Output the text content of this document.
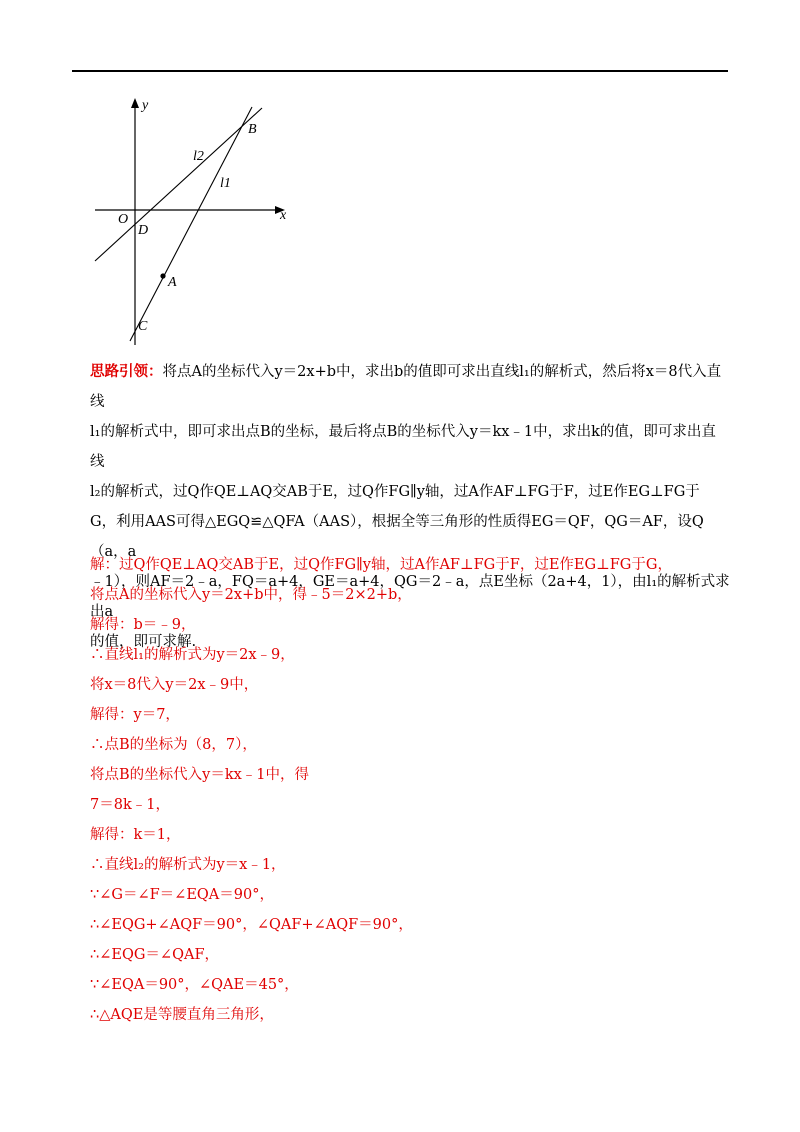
y
x
O
D
A
B
C
l2
l1
思路引领：将点A的坐标代入y＝2x+b中，求出b的值即可求出直线l₁的解析式，然后将x＝8代入直线
l₁的解析式中，即可求出点B的坐标，最后将点B的坐标代入y＝kx﹣1中，求出k的值，即可求出直线
l₂的解析式，过Q作QE⊥AQ交AB于E，过Q作FG∥y轴，过A作AF⊥FG于F，过E作EG⊥FG于
G，利用AAS可得△EGQ≌△QFA（AAS），根据全等三角形的性质得EG＝QF，QG＝AF，设Q（a，a
﹣1），则AF＝2﹣a，FQ＝a+4，GE＝a+4，QG＝2﹣a，点E坐标（2a+4，1），由l₁的解析式求出a
的值，即可求解.
解：过Q作QE⊥AQ交AB于E，过Q作FG∥y轴，过A作AF⊥FG于F，过E作EG⊥FG于G，
将点A的坐标代入y＝2x+b中，得﹣5＝2×2+b，
解得：b＝﹣9，
∴直线l₁的解析式为y＝2x﹣9，
将x＝8代入y＝2x﹣9中，
解得：y＝7，
∴点B的坐标为（8，7），
将点B的坐标代入y＝kx﹣1中，得
7＝8k﹣1，
解得：k＝1，
∴直线l₂的解析式为y＝x﹣1，
∵∠G＝∠F＝∠EQA＝90°，
∴∠EQG+∠AQF＝90°，∠QAF+∠AQF＝90°，
∴∠EQG＝∠QAF，
∵∠EQA＝90°，∠QAE＝45°，
∴△AQE是等腰直角三角形，
